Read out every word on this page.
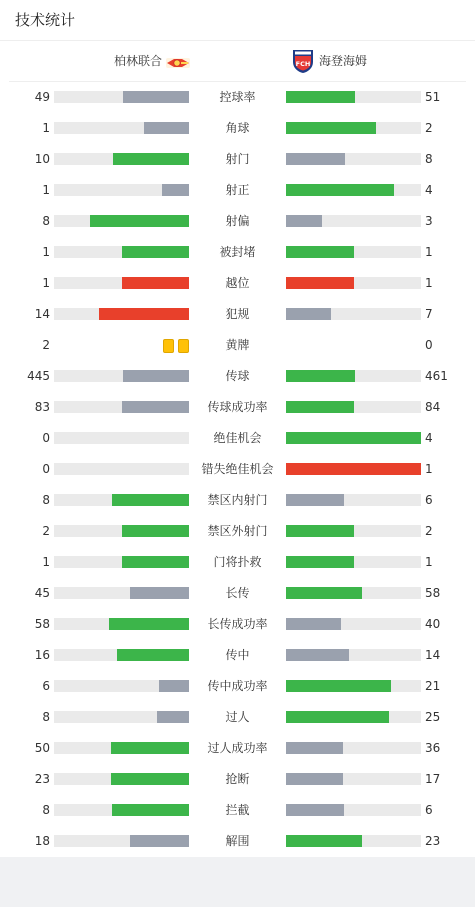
技术统计
柏林联合	FCH 海登海姆
49	控球率	51
1	角球	2
10	射门	8
1	射正	4
8	射偏	3
1	被封堵	1
1	越位	1
14	犯规	7
2	黄牌	0
445	传球	461
83	传球成功率	84
0	绝佳机会	4
0	错失绝佳机会	1
8	禁区内射门	6
2	禁区外射门	2
1	门将扑救	1
45	长传	58
58	长传成功率	40
16	传中	14
6	传中成功率	21
8	过人	25
50	过人成功率	36
23	抢断	17
8	拦截	6
18	解围	23
